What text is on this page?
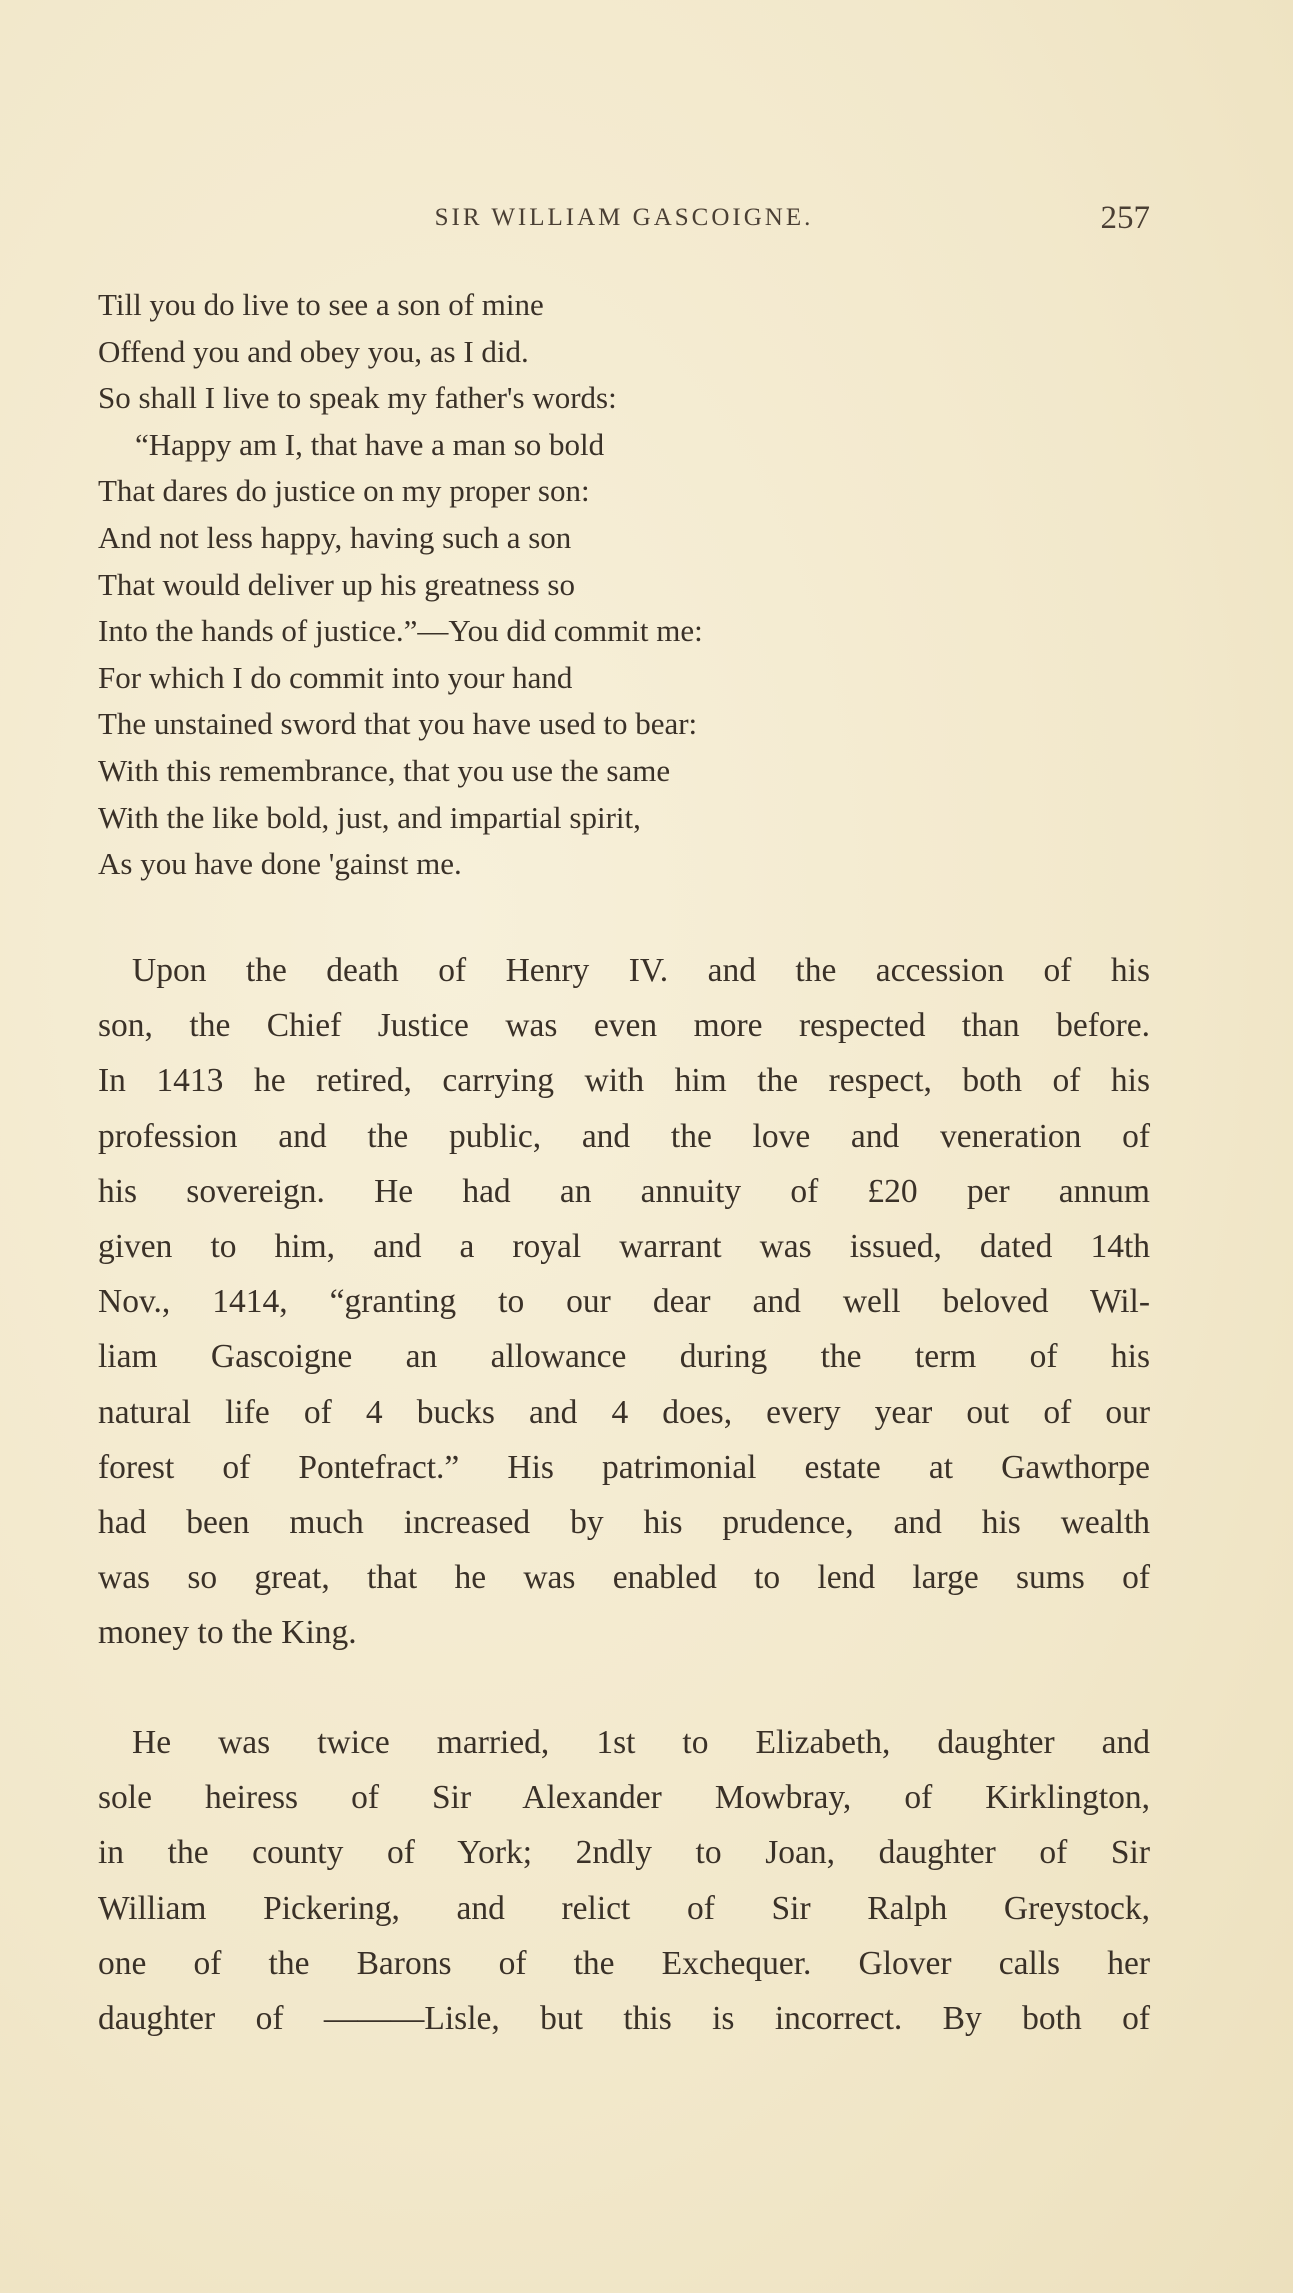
SIR WILLIAM GASCOIGNE.	257
Till you do live to see a son of mine
Offend you and obey you, as I did.
So shall I live to speak my father's words:
“Happy am I, that have a man so bold
That dares do justice on my proper son:
And not less happy, having such a son
That would deliver up his greatness so
Into the hands of justice.”—You did commit me:
For which I do commit into your hand
The unstained sword that you have used to bear:
With this remembrance, that you use the same
With the like bold, just, and impartial spirit,
As you have done 'gainst me.
Upon the death of Henry IV. and the accession of his
son, the Chief Justice was even more respected than before.
In 1413 he retired, carrying with him the respect, both of his
profession and the public, and the love and veneration of
his sovereign. He had an annuity of £20 per annum
given to him, and a royal warrant was issued, dated 14th
Nov., 1414, “granting to our dear and well beloved Wil-
liam Gascoigne an allowance during the term of his
natural life of 4 bucks and 4 does, every year out of our
forest of Pontefract.” His patrimonial estate at Gawthorpe
had been much increased by his prudence, and his wealth
was so great, that he was enabled to lend large sums of
money to the King.
He was twice married, 1st to Elizabeth, daughter and
sole heiress of Sir Alexander Mowbray, of Kirklington,
in the county of York; 2ndly to Joan, daughter of Sir
William Pickering, and relict of Sir Ralph Greystock,
one of the Barons of the Exchequer. Glover calls her
daughter of ———Lisle, but this is incorrect. By both of
